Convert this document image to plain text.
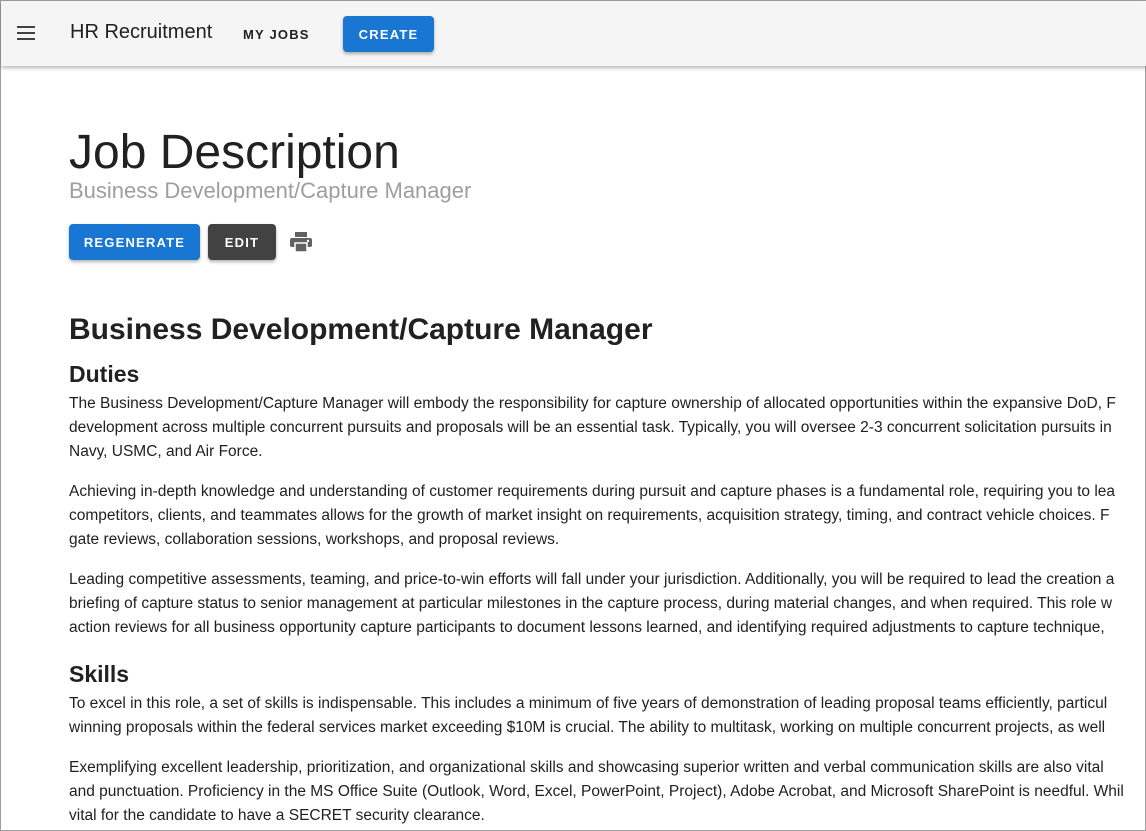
HR Recruitment	MY JOBS	CREATE
Job Description
Business Development/Capture Manager
REGENERATE	EDIT
Business Development/Capture Manager
Duties

The Business Development/Capture Manager will embody the responsibility for capture ownership of allocated opportunities within the expansive DoD, F
development across multiple concurrent pursuits and proposals will be an essential task. Typically, you will oversee 2-3 concurrent solicitation pursuits in
Navy, USMC, and Air Force.

Achieving in-depth knowledge and understanding of customer requirements during pursuit and capture phases is a fundamental role, requiring you to lea
competitors, clients, and teammates allows for the growth of market insight on requirements, acquisition strategy, timing, and contract vehicle choices. F
gate reviews, collaboration sessions, workshops, and proposal reviews.

Leading competitive assessments, teaming, and price-to-win efforts will fall under your jurisdiction. Additionally, you will be required to lead the creation a
briefing of capture status to senior management at particular milestones in the capture process, during material changes, and when required. This role w
action reviews for all business opportunity capture participants to document lessons learned, and identifying required adjustments to capture technique,

Skills

To excel in this role, a set of skills is indispensable. This includes a minimum of five years of demonstration of leading proposal teams efficiently, particul
winning proposals within the federal services market exceeding $10M is crucial. The ability to multitask, working on multiple concurrent projects, as well

Exemplifying excellent leadership, prioritization, and organizational skills and showcasing superior written and verbal communication skills are also vital
and punctuation. Proficiency in the MS Office Suite (Outlook, Word, Excel, PowerPoint, Project), Adobe Acrobat, and Microsoft SharePoint is needful. Whil
vital for the candidate to have a SECRET security clearance.
